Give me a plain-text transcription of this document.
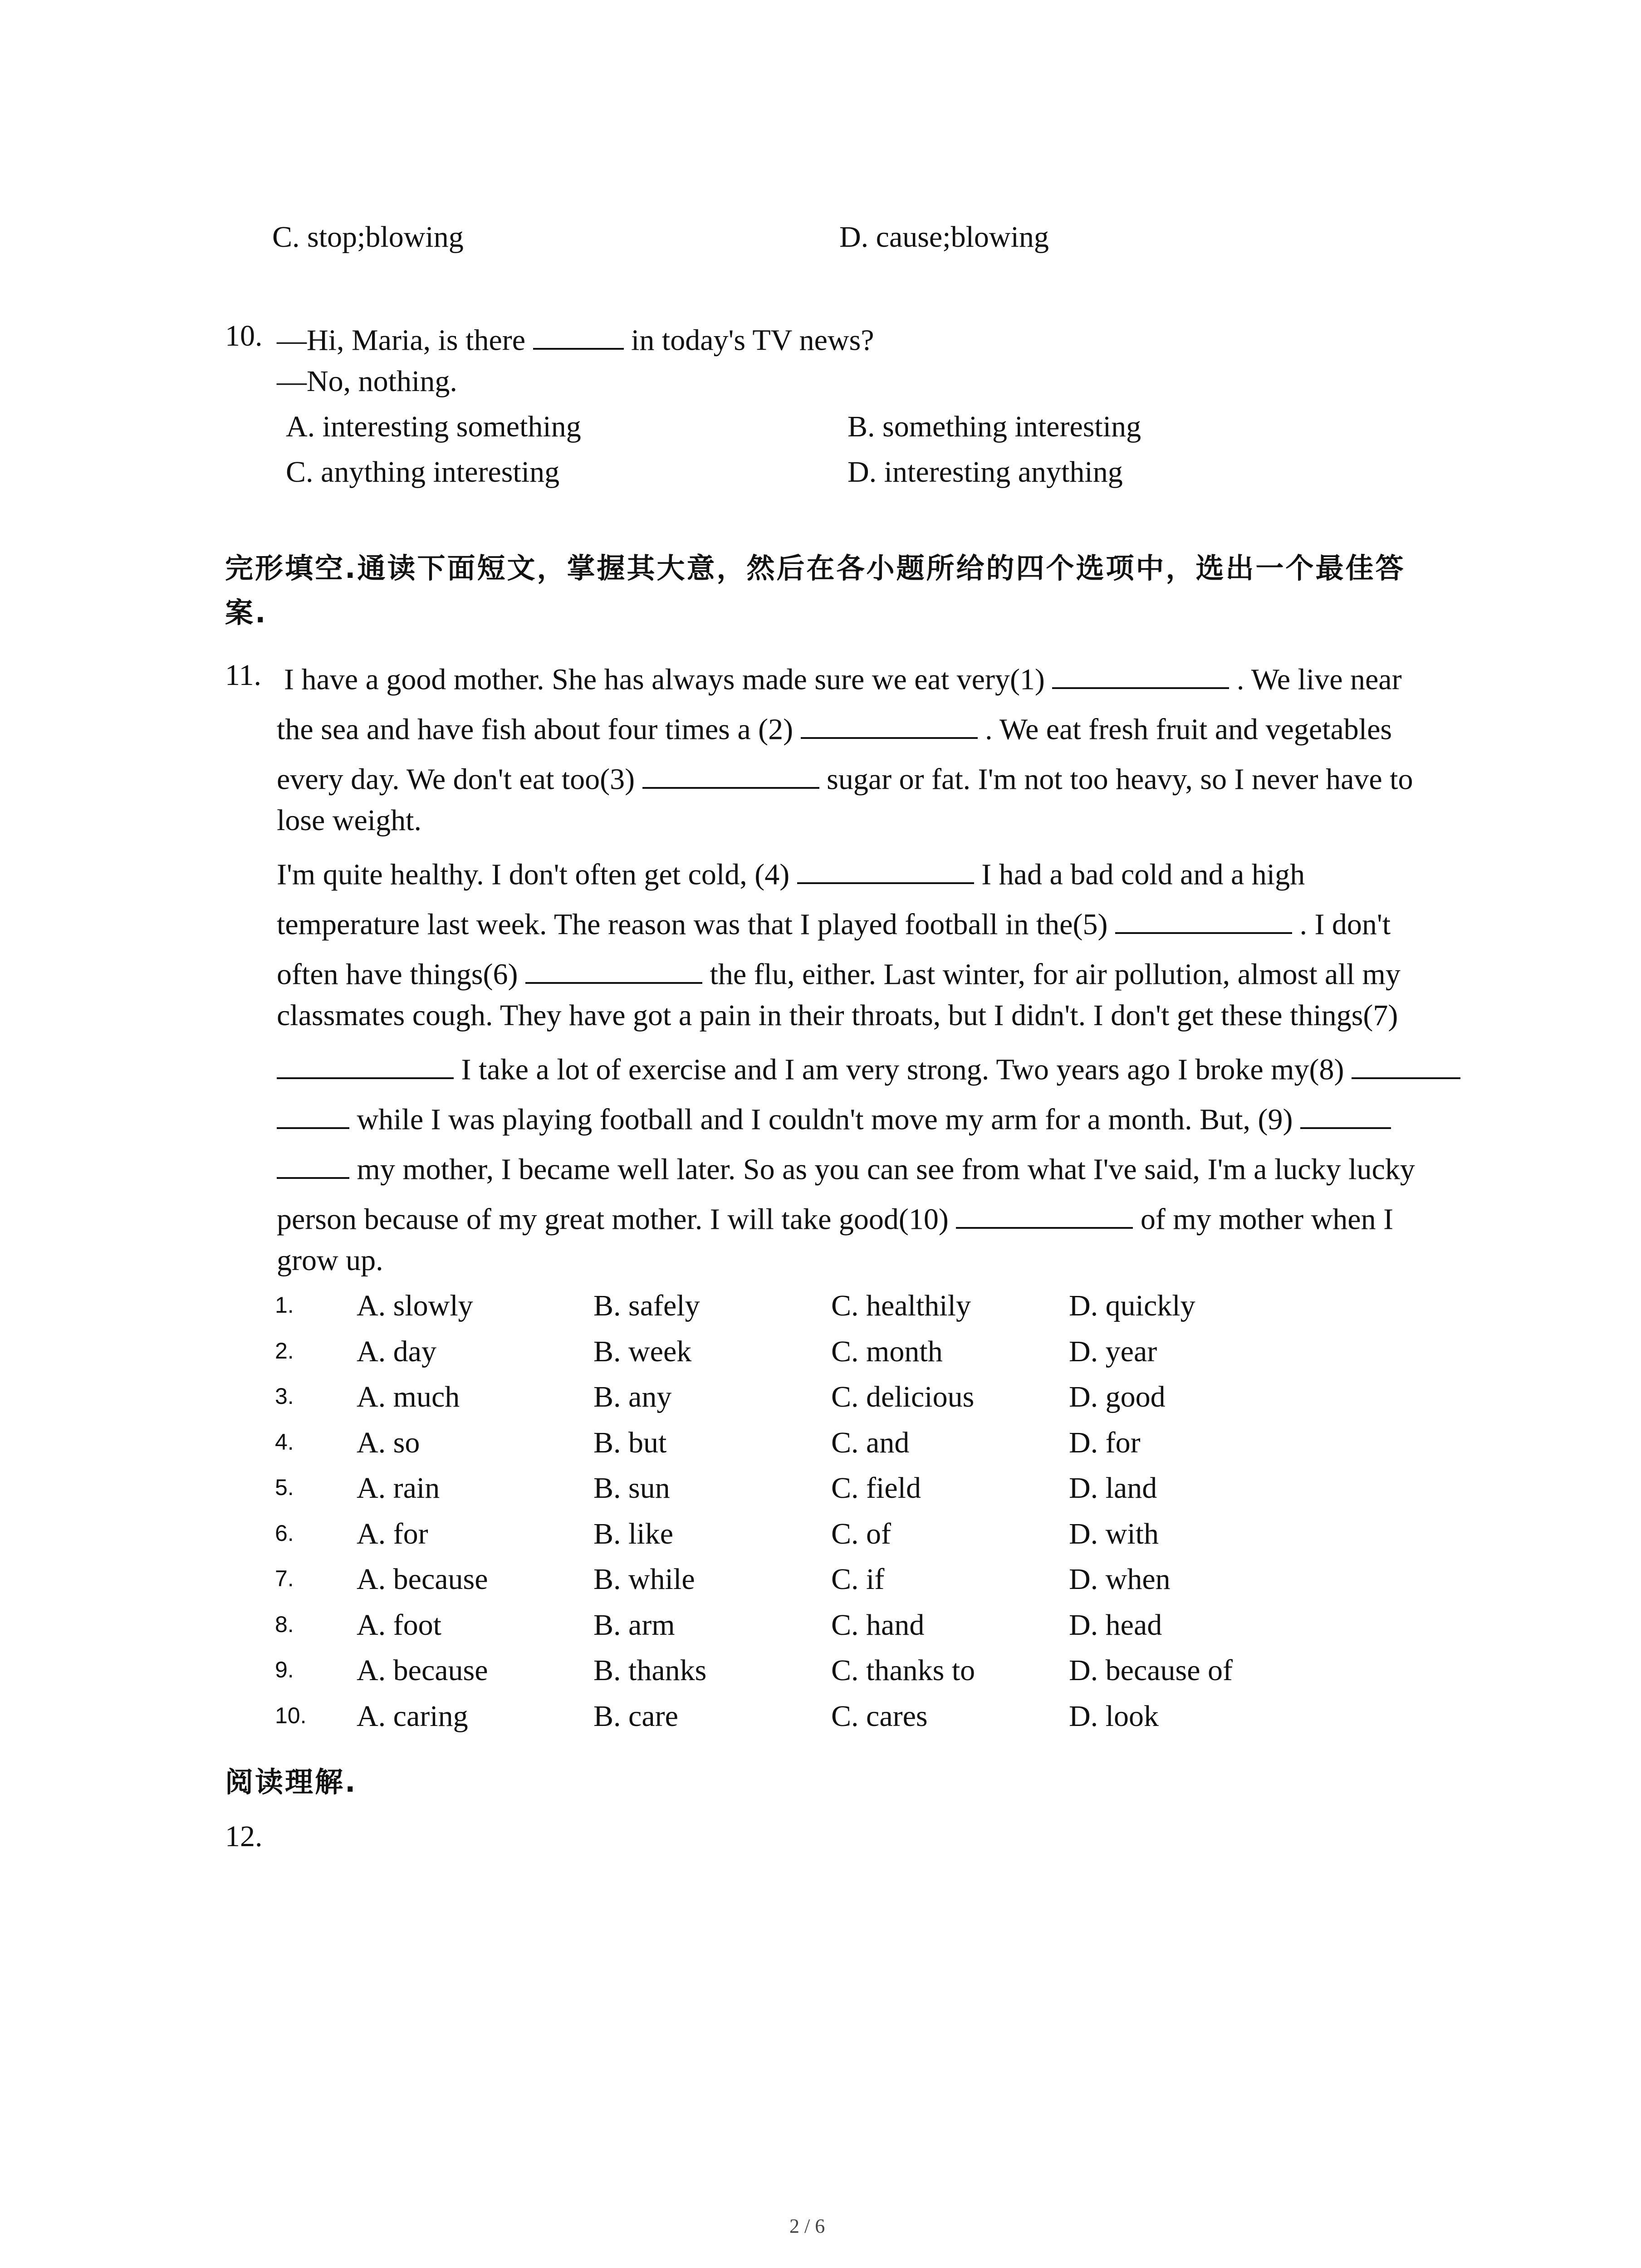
C. stop;blowing	D. cause;blowing
10. —Hi, Maria, is there	in today's TV news?
—No, nothing.
A. interesting something	B. something interesting
C. anything interesting	D. interesting anything
完形填空.通读下面短文，掌握其大意，然后在各小题所给的四个选项中，选出一个最佳答
案.
11. I have a good mother. She has always made sure we eat very(1)	. We live near
the sea and have fish about four times a (2)	. We eat fresh fruit and vegetables
every day. We don't eat too(3)	sugar or fat. I'm not too heavy, so I never have to
lose weight.
I'm quite healthy. I don't often get cold, (4)	I had a bad cold and a high
temperature last week. The reason was that I played football in the(5)	. I don't
often have things(6)	the flu, either. Last winter, for air pollution, almost all my
classmates cough. They have got a pain in their throats, but I didn't. I don't get these things(7)
I take a lot of exercise and I am very strong. Two years ago I broke my(8)
while I was playing football and I couldn't move my arm for a month. But, (9)
my mother, I became well later. So as you can see from what I've said, I'm a lucky lucky
person because of my great mother. I will take good(10)	of my mother when I
grow up.
1. A. slowly	B. safely	C. healthily	D. quickly
2. A. day	B. week	C. month	D. year
3. A. much	B. any	C. delicious	D. good
4. A. so	B. but	C. and	D. for
5. A. rain	B. sun	C. field	D. land
6. A. for	B. like	C. of	D. with
7. A. because	B. while	C. if	D. when
8. A. foot	B. arm	C. hand	D. head
9. A. because	B. thanks	C. thanks to	D. because of
10. A. caring	B. care	C. cares	D. look
阅读理解.
12.
2 / 6
